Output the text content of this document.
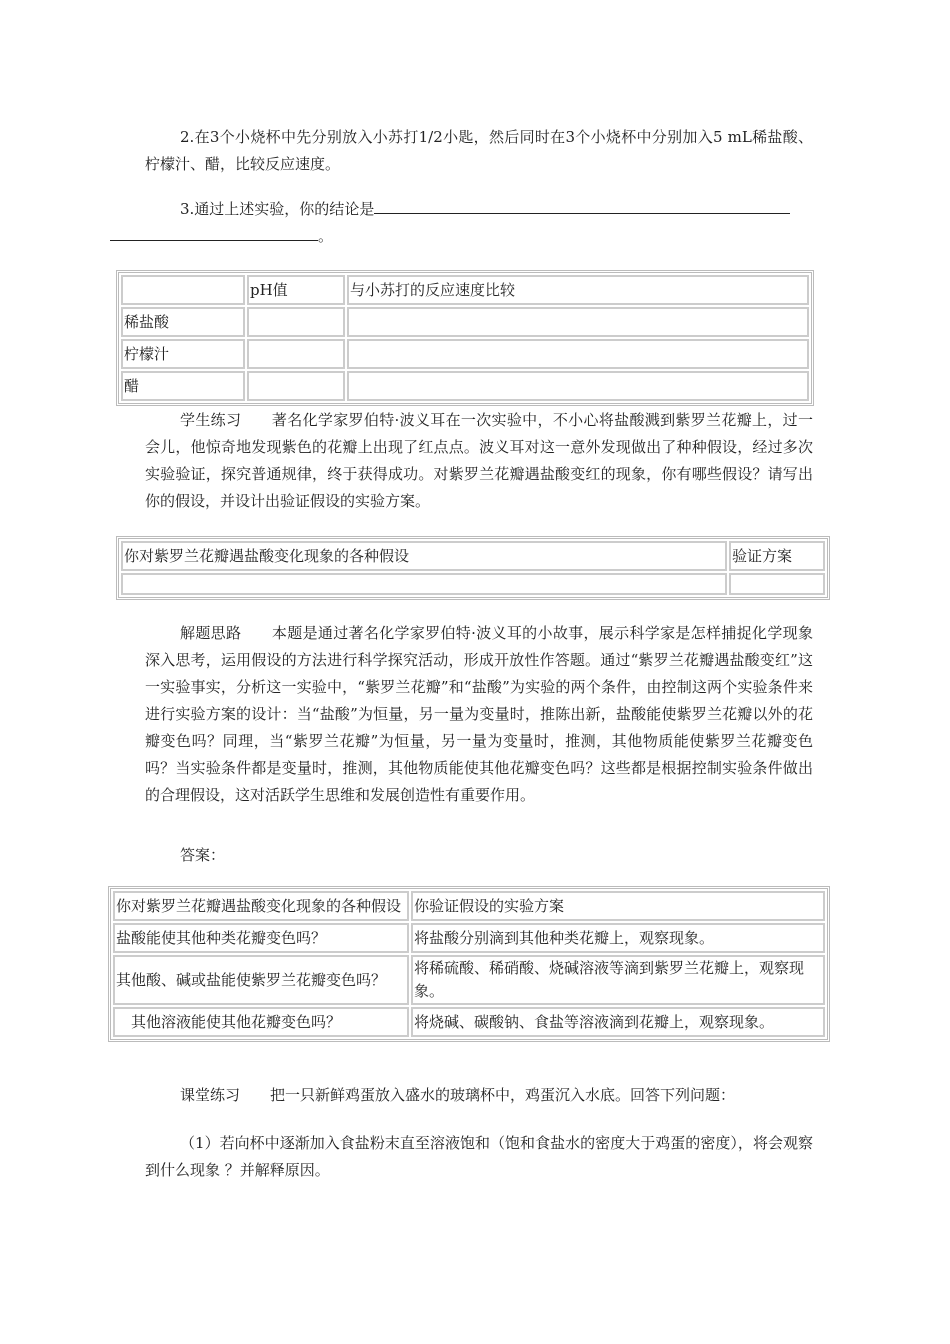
2.在3个小烧杯中先分别放入小苏打1/2小匙，然后同时在3个小烧杯中分别加入5 mL稀盐酸、柠檬汁、醋，比较反应速度。
3.通过上述实验，你的结论是
。
	pH值	与小苏打的反应速度比较
稀盐酸		
柠檬汁		
醋		
学生练习　　著名化学家罗伯特·波义耳在一次实验中，不小心将盐酸溅到紫罗兰花瓣上，过一会儿，他惊奇地发现紫色的花瓣上出现了红点点。波义耳对这一意外发现做出了种种假设，经过多次实验验证，探究普通规律，终于获得成功。对紫罗兰花瓣遇盐酸变红的现象，你有哪些假设？请写出你的假设，并设计出验证假设的实验方案。
你对紫罗兰花瓣遇盐酸变化现象的各种假设	验证方案

解题思路　　本题是通过著名化学家罗伯特·波义耳的小故事，展示科学家是怎样捕捉化学现象深入思考，运用假设的方法进行科学探究活动，形成开放性作答题。通过“紫罗兰花瓣遇盐酸变红”这一实验事实，分析这一实验中，“紫罗兰花瓣”和“盐酸”为实验的两个条件，由控制这两个实验条件来进行实验方案的设计：当“盐酸”为恒量，另一量为变量时，推陈出新，盐酸能使紫罗兰花瓣以外的花瓣变色吗？同理，当“紫罗兰花瓣”为恒量，另一量为变量时，推测，其他物质能使紫罗兰花瓣变色吗？当实验条件都是变量时，推测，其他物质能使其他花瓣变色吗？这些都是根据控制实验条件做出的合理假设，这对活跃学生思维和发展创造性有重要作用。
答案：
你对紫罗兰花瓣遇盐酸变化现象的各种假设	你验证假设的实验方案
盐酸能使其他种类花瓣变色吗？	将盐酸分别滴到其他种类花瓣上，观察现象。
其他酸、碱或盐能使紫罗兰花瓣变色吗？	将稀硫酸、稀硝酸、烧碱溶液等滴到紫罗兰花瓣上，观察现象。
　其他溶液能使其他花瓣变色吗？	将烧碱、碳酸钠、食盐等溶液滴到花瓣上，观察现象。
课堂练习　　把一只新鲜鸡蛋放入盛水的玻璃杯中，鸡蛋沉入水底。回答下列问题：
（1）若向杯中逐渐加入食盐粉末直至溶液饱和（饱和食盐水的密度大于鸡蛋的密度），将会观察到什么现象 ？并解释原因。
